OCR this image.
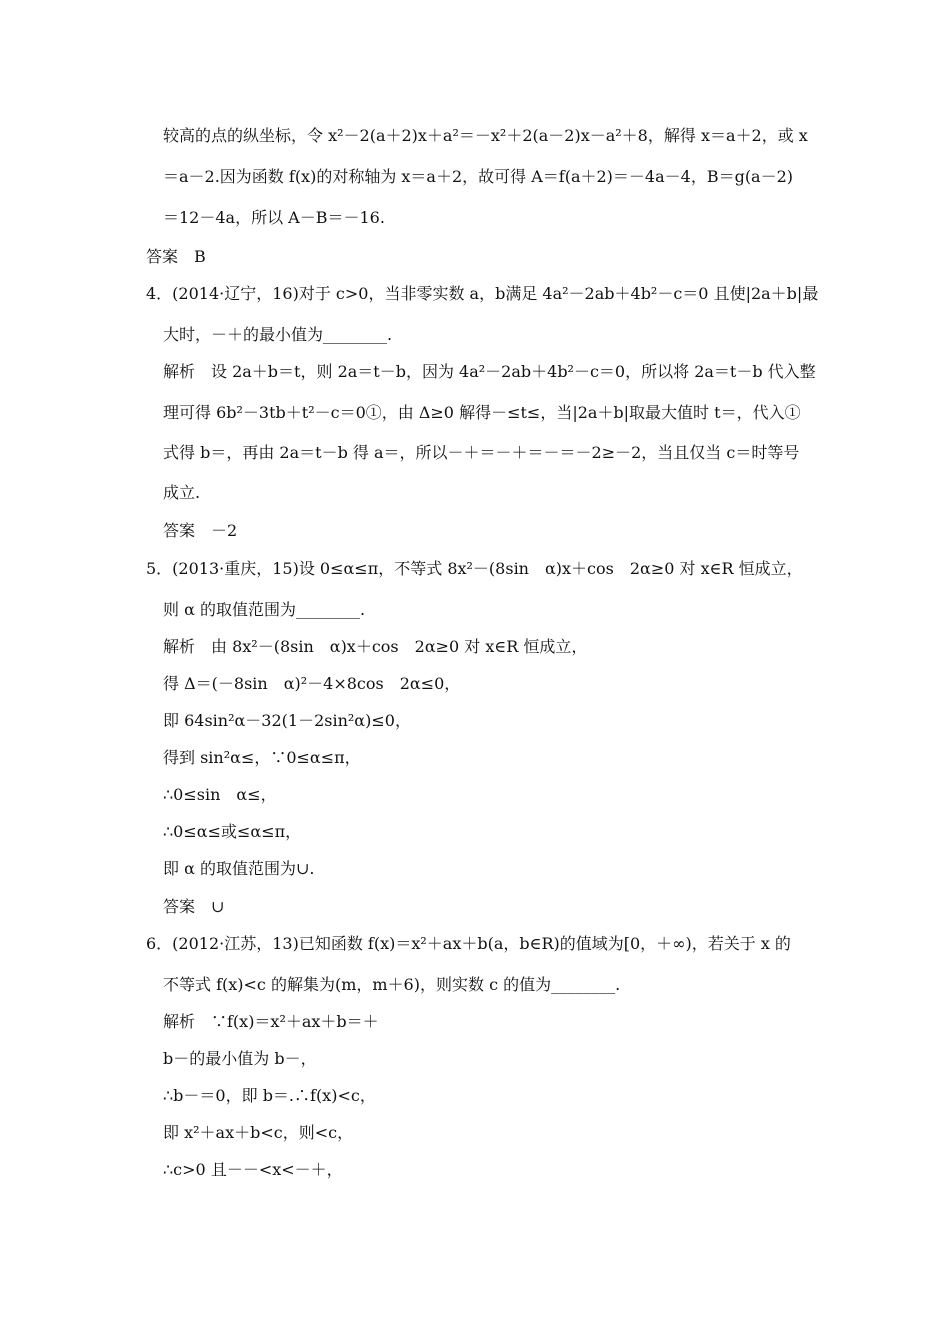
较高的点的纵坐标，令 x²－2(a＋2)x＋a²＝－x²＋2(a－2)x－a²＋8，解得 x＝a＋2，或 x
＝a－2.因为函数 f(x)的对称轴为 x＝a＋2，故可得 A＝f(a＋2)＝－4a－4，B＝g(a－2)
＝12－4a，所以 A－B＝－16.
答案　B
4．(2014·辽宁，16)对于 c>0，当非零实数 a，b满足 4a²－2ab＋4b²－c＝0 且使|2a＋b|最
大时，－＋的最小值为________.
解析　设 2a＋b＝t，则 2a＝t－b，因为 4a²－2ab＋4b²－c＝0，所以将 2a＝t－b 代入整
理可得 6b²－3tb＋t²－c＝0①，由 Δ≥0 解得－≤t≤，当|2a＋b|取最大值时 t＝，代入①
式得 b＝，再由 2a＝t－b 得 a＝，所以－＋＝－＋＝－＝－2≥－2，当且仅当 c＝时等号
成立.
答案　－2
5．(2013·重庆，15)设 0≤α≤π，不等式 8x²－(8sin　α)x＋cos　2α≥0 对 x∈R 恒成立，
则 α 的取值范围为________.
解析　由 8x²－(8sin　α)x＋cos　2α≥0 对 x∈R 恒成立，
得 Δ＝(－8sin　α)²－4×8cos　2α≤0，
即 64sin²α－32(1－2sin²α)≤0，
得到 sin²α≤，∵0≤α≤π，
∴0≤sin　α≤，
∴0≤α≤或≤α≤π，
即 α 的取值范围为∪.
答案　∪
6．(2012·江苏，13)已知函数 f(x)＝x²＋ax＋b(a，b∈R)的值域为[0，＋∞)，若关于 x 的
不等式 f(x)<c 的解集为(m，m＋6)，则实数 c 的值为________.
解析　∵f(x)＝x²＋ax＋b＝＋
b－的最小值为 b－，
∴b－＝0，即 b＝.∴f(x)<c，
即 x²＋ax＋b<c，则<c，
∴c>0 且－－<x<－＋，
